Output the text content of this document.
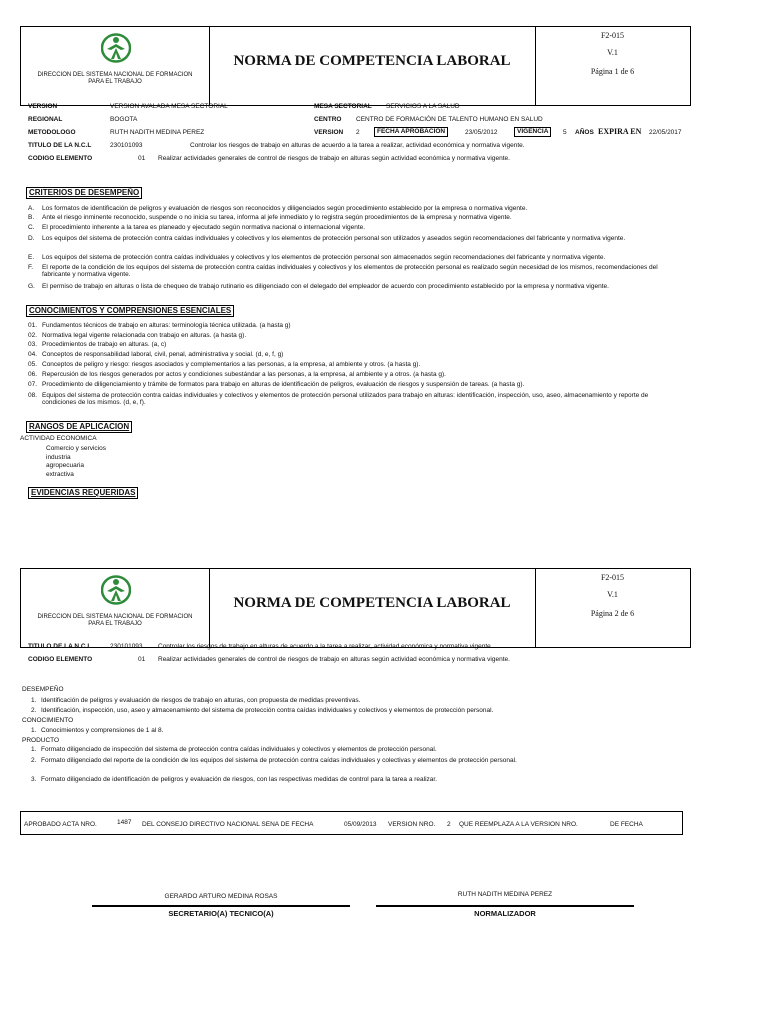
DIRECCION DEL SISTEMA NACIONAL DE FORMACION
PARA EL TRABAJO
NORMA DE COMPETENCIA LABORAL
F2-015
V.1
Página 1 de 6
VERSION	VERSION AVALADA MESA SECTORIAL	MESA SECTORIAL SERVICIOS A LA SALUD
REGIONAL	BOGOTA	CENTRO CENTRO DE FORMACIÓN DE TALENTO HUMANO EN SALUD
METODOLOGO	RUTH NADITH MEDINA PEREZ	VERSION 2	FECHA APROBACION	23/05/2012	VIGENCIA	5 AÑOS EXPIRA EN 22/05/2017
TITULO DE LA N.C.L	230101093	Controlar los riesgos de trabajo en alturas de acuerdo a la tarea a realizar, actividad económica y normativa vigente.
CODIGO ELEMENTO	01 Realizar actividades generales de control de riesgos de trabajo en alturas según actividad económica y normativa vigente.
CRITERIOS DE DESEMPEÑO
A. Los formatos de identificación de peligros y evaluación de riesgos son reconocidos y diligenciados según procedimiento establecido por la empresa o normativa vigente.
B. Ante el riesgo inminente reconocido, suspende o no inicia su tarea, informa al jefe inmediato y lo registra según procedimientos de la empresa y normativa vigente.
C. El procedimiento inherente a la tarea es planeado y ejecutado según normativa nacional o internacional vigente.
D. Los equipos del sistema de protección contra caídas individuales y colectivos y los elementos de protección personal son utilizados y aseados según recomendaciones del fabricante y normativa vigente.
E. Los equipos del sistema de protección contra caídas individuales y colectivos y los elementos de protección personal son almacenados según recomendaciones del fabricante y normativa vigente.
F. El reporte de la condición de los equipos del sistema de protección contra caídas individuales y colectivos y los elementos de protección personal es realizado según necesidad de los mismos, recomendaciones del fabricante y normativa vigente.
G. El permiso de trabajo en alturas o lista de chequeo de trabajo rutinario es diligenciado con el delegado del empleador de acuerdo con procedimiento establecido por la empresa y normativa vigente.
CONOCIMIENTOS Y COMPRENSIONES ESENCIALES
01. Fundamentos técnicos de trabajo en alturas: terminología técnica utilizada. (a hasta g)
02. Normativa legal vigente relacionada con trabajo en alturas. (a hasta g).
03. Procedimientos de trabajo en alturas. (a, c)
04. Conceptos de responsabilidad laboral, civil, penal, administrativa y social. (d, e, f, g)
05. Conceptos de peligro y riesgo: riesgos asociados y complementarios a las personas, a la empresa, al ambiente y otros. (a hasta g).
06. Repercusión de los riesgos generados por actos y condiciones subestándar a las personas, a la empresa, al ambiente y a otros. (a hasta g).
07. Procedimiento de diligenciamiento y trámite de formatos para trabajo en alturas de identificación de peligros, evaluación de riesgos y suspensión de tareas. (a hasta g).
08. Equipos del sistema de protección contra caídas individuales y colectivos y elementos de protección personal utilizados para trabajo en alturas: identificación, inspección, uso, aseo, almacenamiento y reporte de condiciones de los mismos. (d, e, f).
RANGOS DE APLICACION
ACTIVIDAD ECONOMICA
Comercio y servicios
industria
agropecuaria
extractiva
EVIDENCIAS REQUERIDAS
DIRECCION DEL SISTEMA NACIONAL DE FORMACION
PARA EL TRABAJO
NORMA DE COMPETENCIA LABORAL
F2-015
V.1
Página 2 de 6
TITULO DE LA N.C.L	230101093 Controlar los riesgos de trabajo en alturas de acuerdo a la tarea a realizar, actividad económica y normativa vigente.
CODIGO ELEMENTO	01 Realizar actividades generales de control de riesgos de trabajo en alturas según actividad económica y normativa vigente.
DESEMPEÑO
1. Identificación de peligros y evaluación de riesgos de trabajo en alturas, con propuesta de medidas preventivas.
2. Identificación, inspección, uso, aseo y almacenamiento del sistema de protección contra caídas individuales y colectivos y elementos de protección personal.
CONOCIMIENTO
1. Conocimientos y comprensiones de 1 al 8.
PRODUCTO
1. Formato diligenciado de inspección del sistema de protección contra caídas individuales y colectivos y elementos de protección personal.
2. Formato diligenciado del reporte de la condición de los equipos del sistema de protección contra caídas individuales y colectivas y elementos de protección personal.
3. Formato diligenciado de identificación de peligros y evaluación de riesgos, con las respectivas medidas de control para la tarea a realizar.
APROBADO ACTA NRO.	1487 DEL CONSEJO DIRECTIVO NACIONAL SENA DE FECHA	05/09/2013 VERSION NRO. 2 QUE REEMPLAZA A LA VERSION NRO.	DE FECHA
GERARDO ARTURO MEDINA ROSAS
SECRETARIO(A) TECNICO(A)
RUTH NADITH MEDINA PEREZ
NORMALIZADOR
